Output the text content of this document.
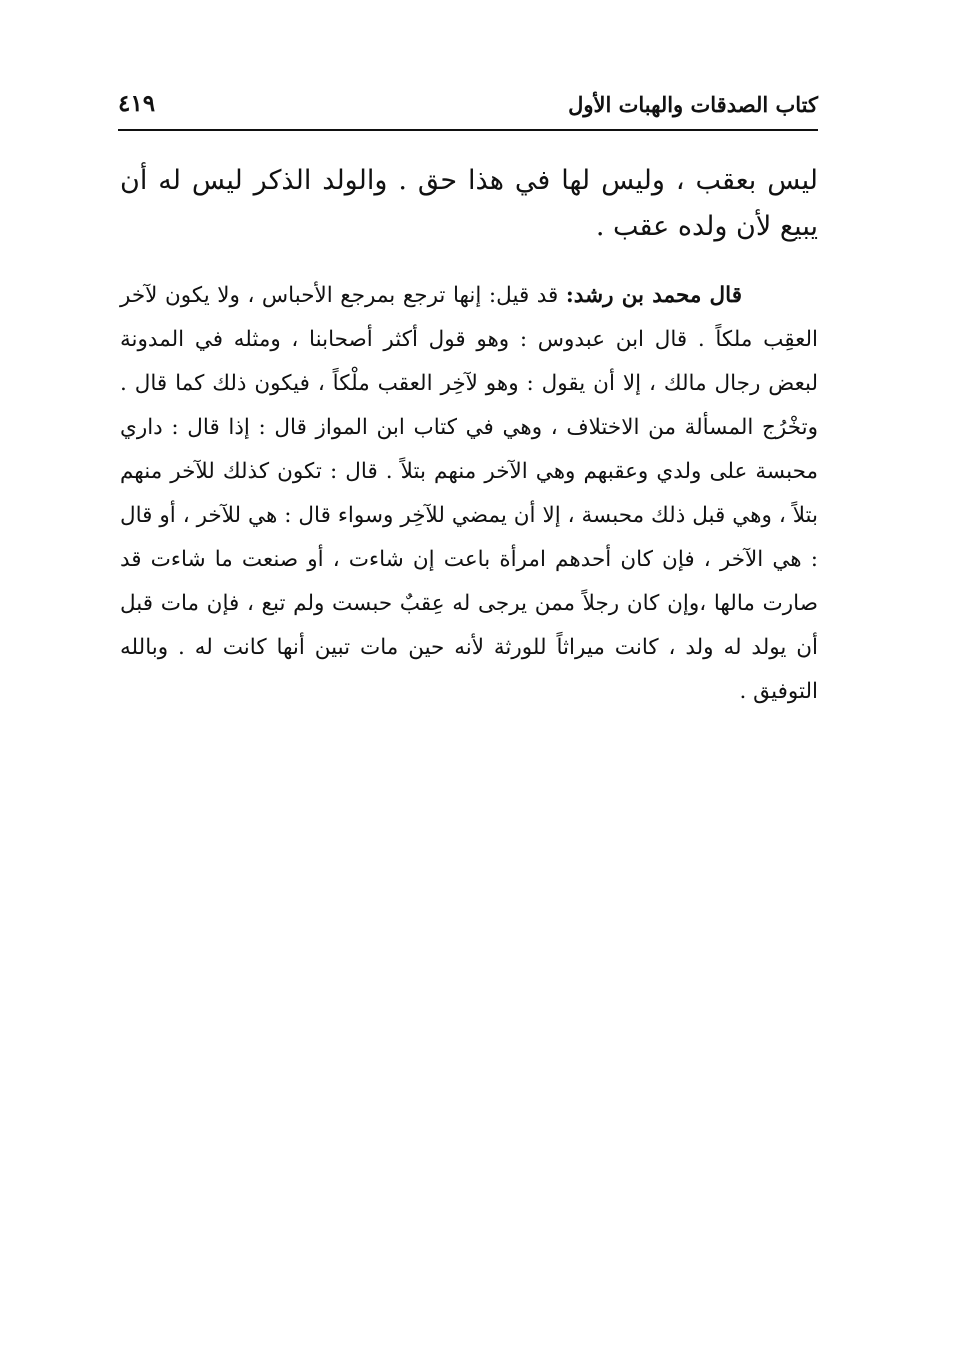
كتاب الصدقات والهبات الأول
٤١٩

ليس بعقب ، وليس لها في هذا حق . والولد الذكر ليس له أن يبيع لأن ولده عقب .

قال محمد بن رشد: قد قيل: إنها ترجع بمرجع الأحباس ، ولا يكون لآخر العقِب ملكاً . قال ابن عبدوس : وهو قول أكثر أصحابنا ، ومثله في المدونة لبعض رجال مالك ، إلا أن يقول : وهو لآخِر العقب ملْكاً ، فيكون ذلك كما قال . وتخْرُج المسألة من الاختلاف ، وهي في كتاب ابن المواز قال : إذا قال : داري محبسة على ولدي وعقبهم وهي الآخر منهم بتلاً . قال : تكون كذلك للآخر منهم بتلاً ، وهي قبل ذلك محبسة ، إلا أن يمضي للآخِر وسواء قال : هي للآخر ، أو قال : هي الآخر ، فإن كان أحدهم امرأة باعت إن شاءت ، أو صنعت ما شاءت قد صارت مالها ،وإن كان رجلاً ممن يرجى له عِقبٌ حبست ولم تبع ، فإن مات قبل أن يولد له ولد ، كانت ميراثاً للورثة لأنه حين مات تبين أنها كانت له . وبالله التوفيق .
